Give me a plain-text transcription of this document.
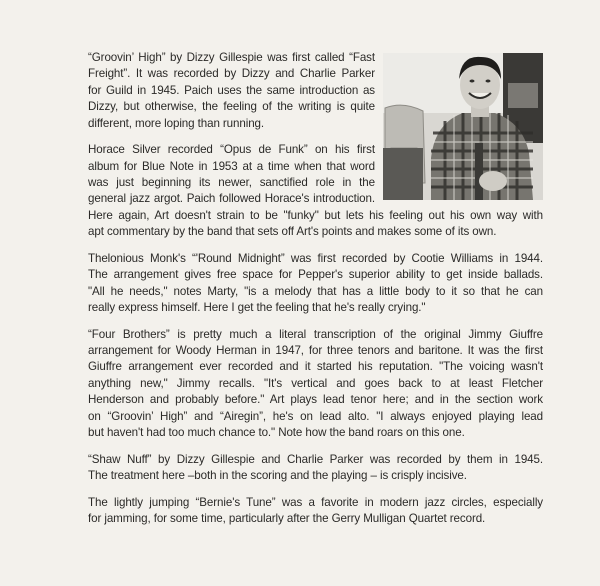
“Groovin’ High” by Dizzy Gillespie was first called “Fast
Freight”. It was recorded by Dizzy and Charlie Parker
for Guild in 1945. Paich uses the same introduction as
Dizzy, but otherwise, the feeling of the writing is quite
different, more loping than running.
Horace Silver recorded “Opus de Funk” on his first
album for Blue Note in 1953 at a time when that word
was just beginning its newer, sanctified role in the
general jazz argot. Paich followed Horace's introduction.
Here again, Art doesn't strain to be "funky" but lets his feeling out his own way with
apt commentary by the band that sets off Art's points and makes some of its own.
Thelonious Monk's “'Round Midnight” was first recorded by Cootie Williams in 1944.
The arrangement gives free space for Pepper's superior ability to get inside ballads.
"All he needs," notes Marty, "is a melody that has a little body to it so that he can
really express himself. Here I get the feeling that he's really crying."
“Four Brothers” is pretty much a literal transcription of the original Jimmy Giuffre
arrangement for Woody Herman in 1947, for three tenors and baritone. It was the first
Giuffre arrangement ever recorded and it started his reputation. "The voicing wasn't
anything new," Jimmy recalls. "It's vertical and goes back to at least Fletcher
Henderson and probably before." Art plays lead tenor here; and in the section work
on “Groovin’ High” and “Airegin”, he's on lead alto. "I always enjoyed playing lead
but haven't had too much chance to." Note how the band roars on this one.
“Shaw Nuff” by Dizzy Gillespie and Charlie Parker was recorded by them in 1945.
The treatment here –both in the scoring and the playing – is crisply incisive.
The lightly jumping “Bernie's Tune” was a favorite in modern jazz circles, especially
for jamming, for some time, particularly after the Gerry Mulligan Quartet record.
